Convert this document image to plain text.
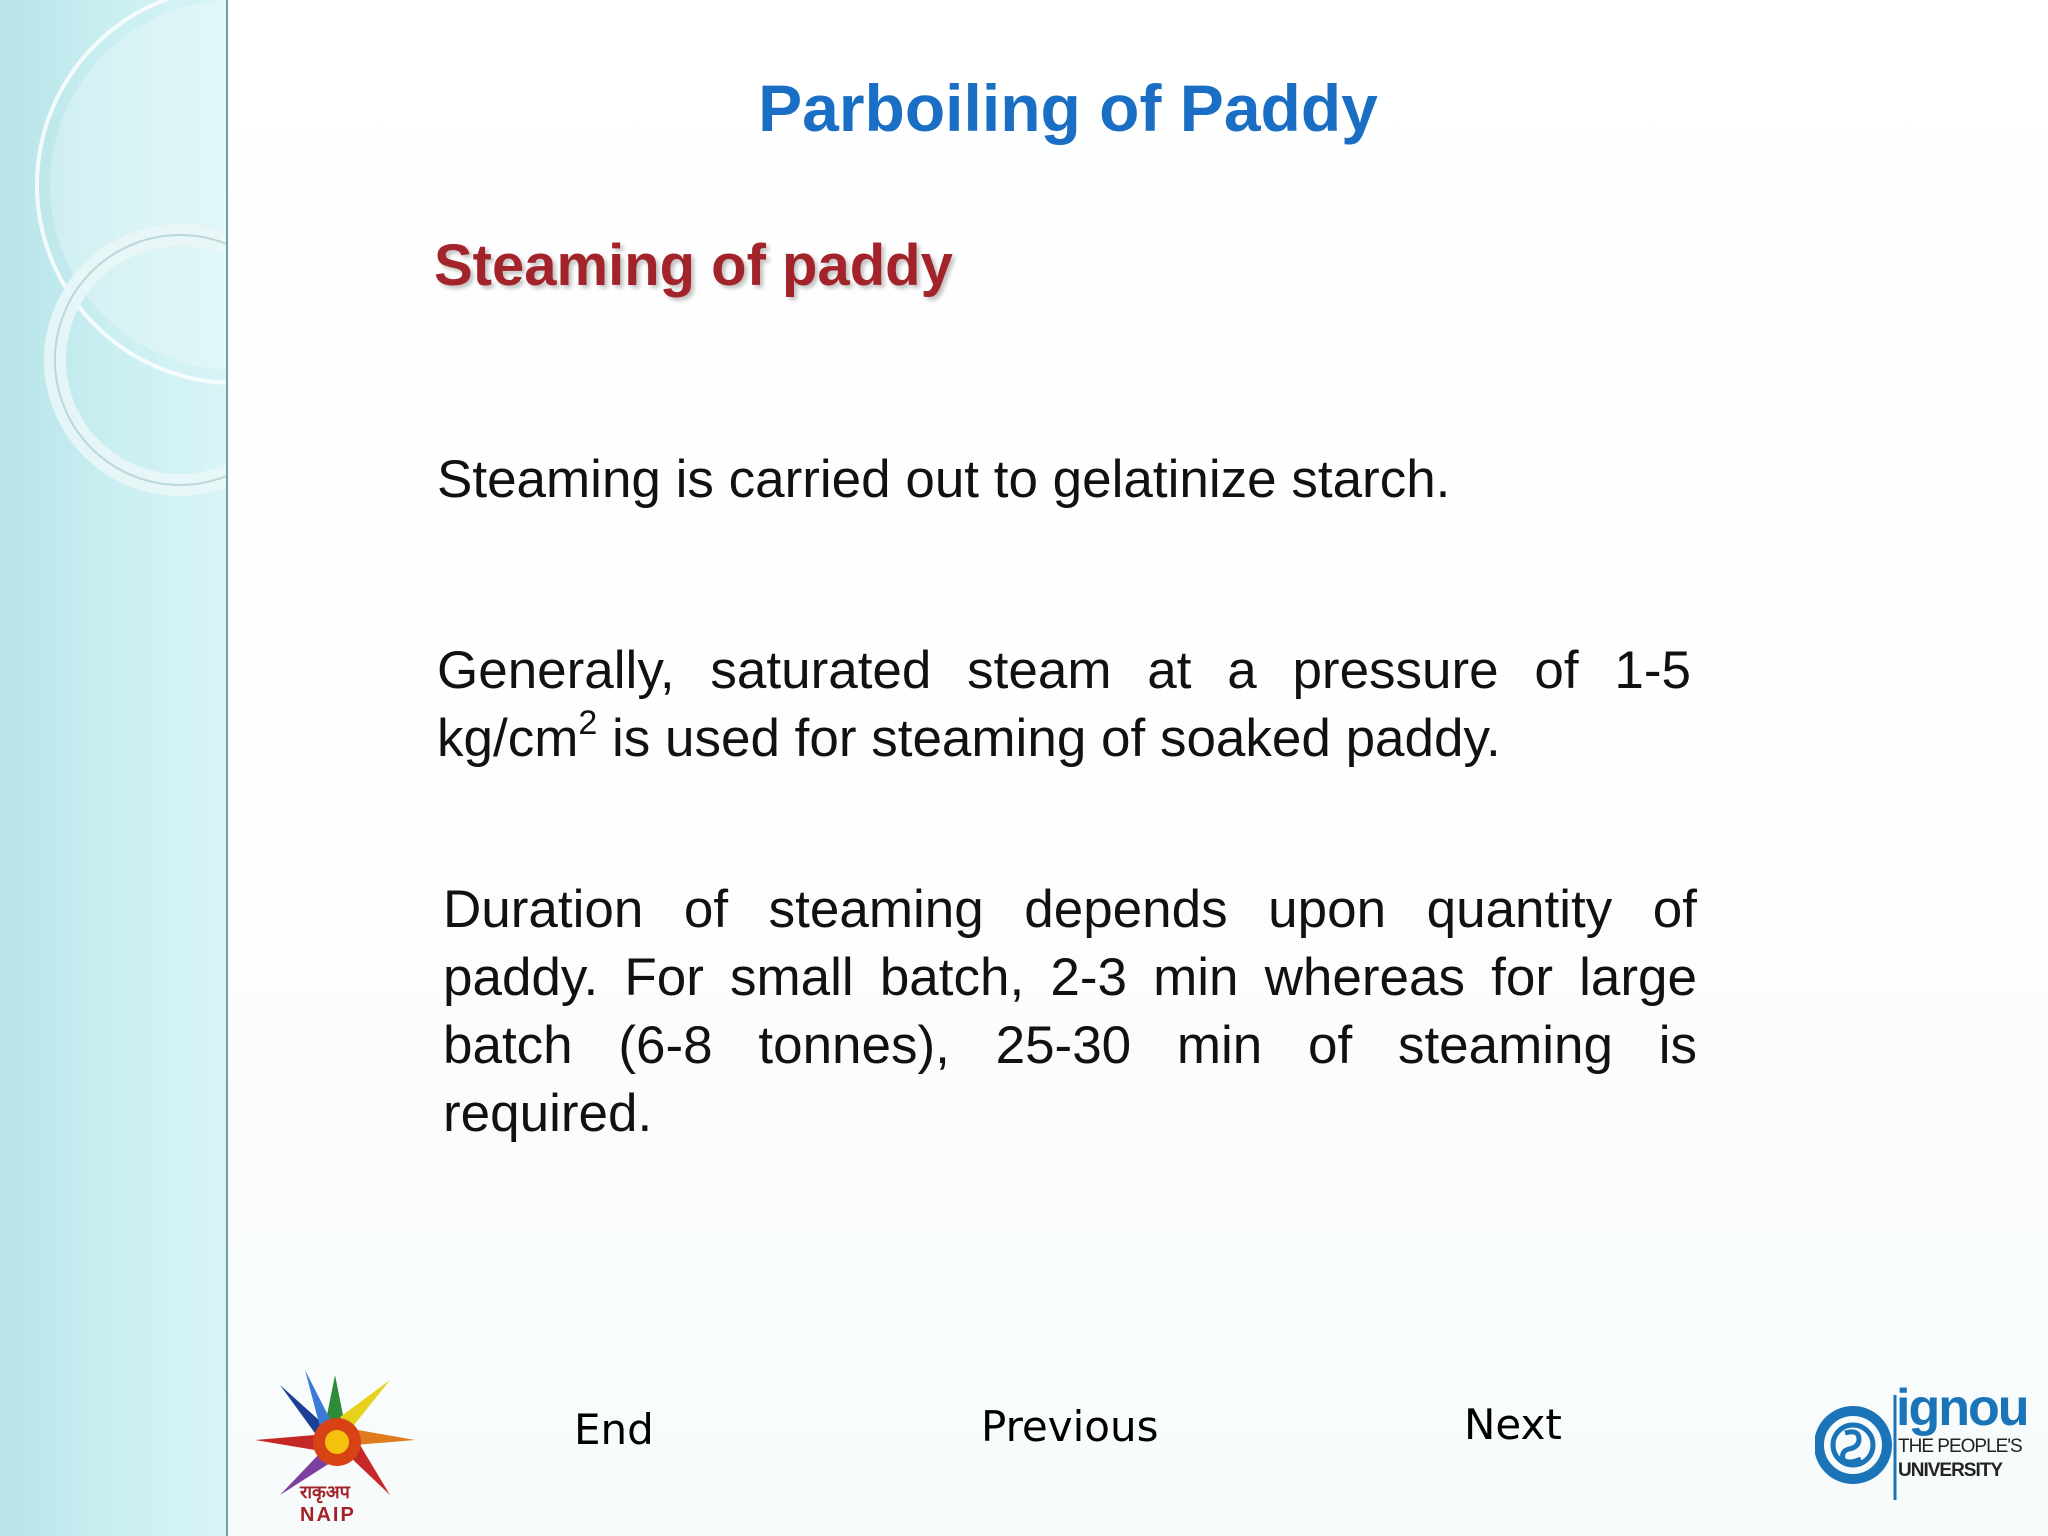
Parboiling of Paddy
Steaming of paddy
Steaming is carried out to gelatinize starch.
Generally, saturated steam at a pressure of 1-5 $kg/cm^2$ is used for steaming of soaked paddy.
Duration of steaming depends upon quantity of paddy. For small batch, 2-3 min whereas for large batch (6-8 tonnes), 25-30 min of steaming is required.
राकृअप
NAIP
End	Previous	Next	ignou
THE PEOPLE'S
UNIVERSITY
